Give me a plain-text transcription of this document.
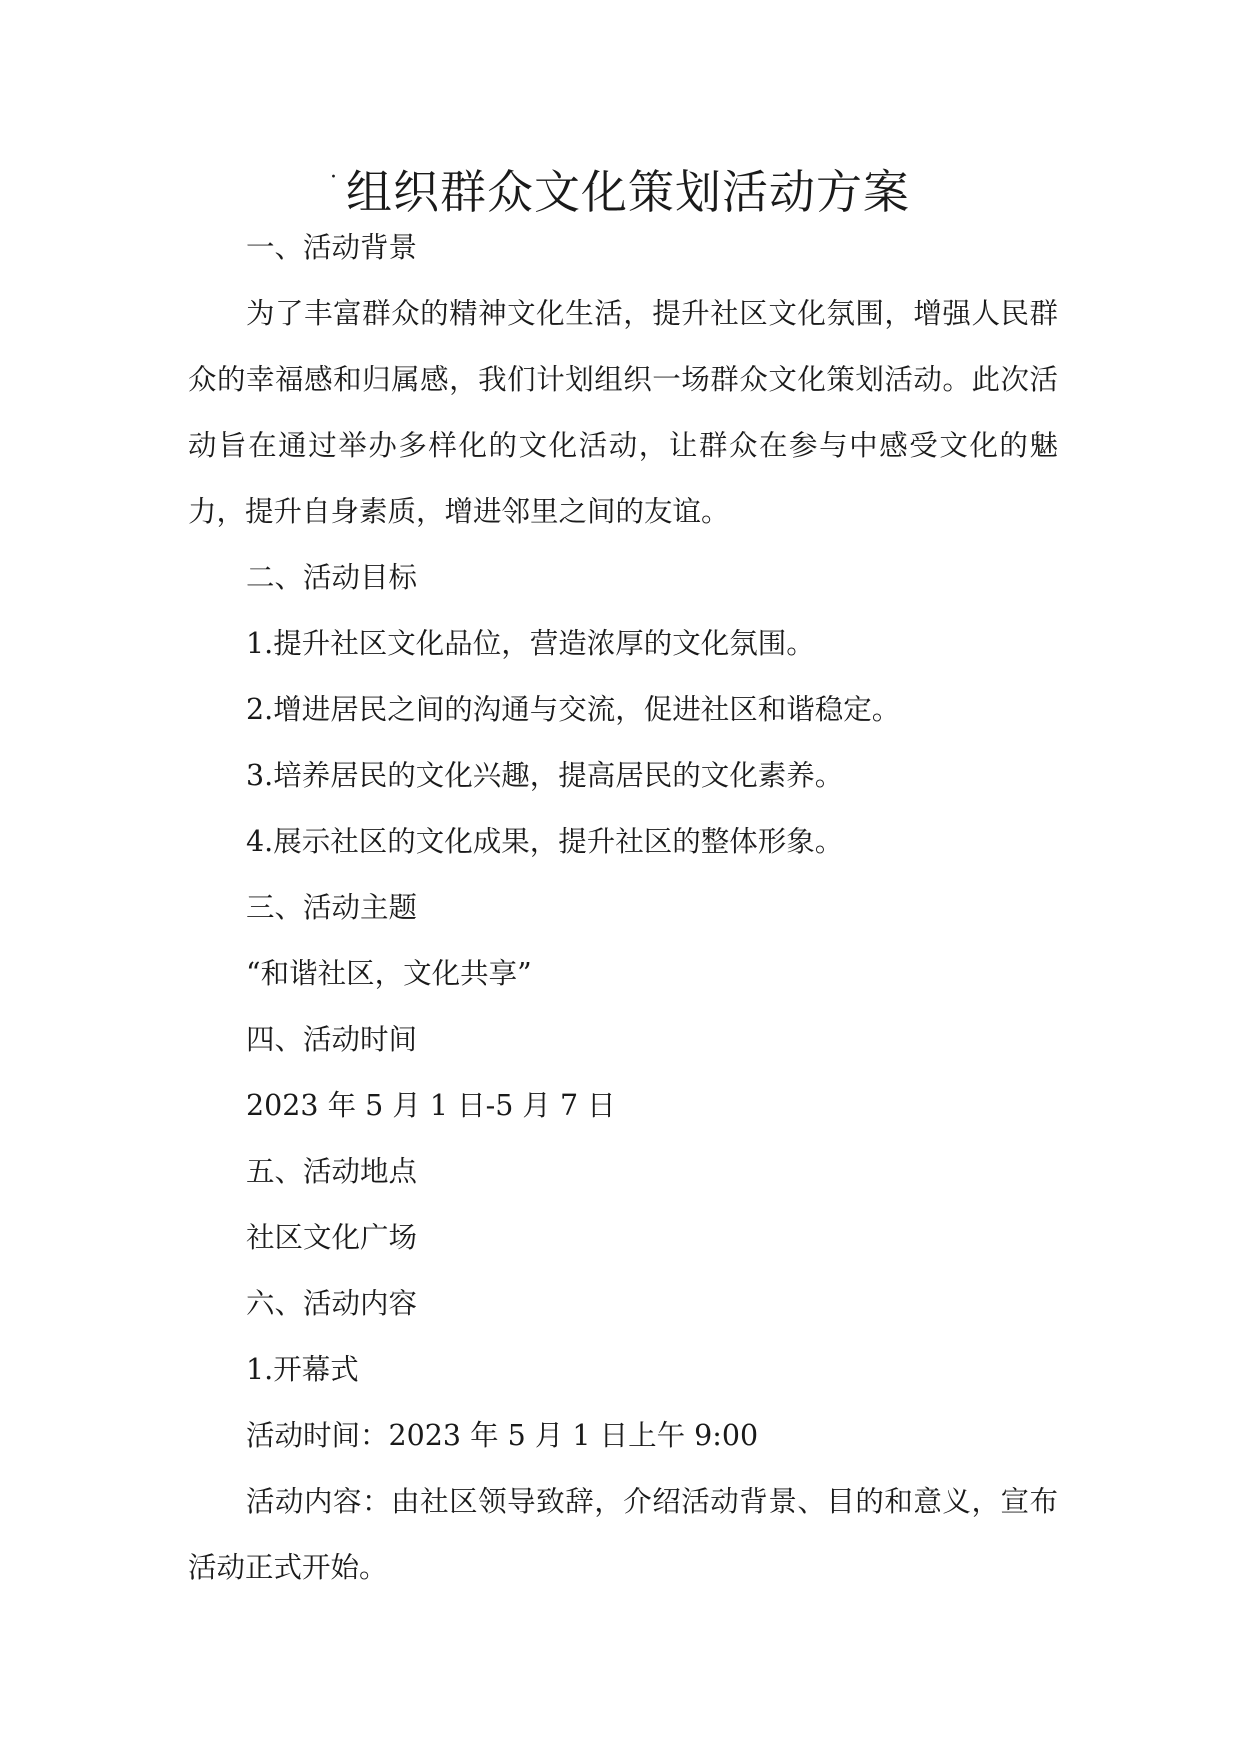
· 组织群众文化策划活动方案

一、活动背景

为了丰富群众的精神文化生活，提升社区文化氛围，增强人民群众的幸福感和归属感，我们计划组织一场群众文化策划活动。此次活动旨在通过举办多样化的文化活动，让群众在参与中感受文化的魅力，提升自身素质，增进邻里之间的友谊。

二、活动目标

1.提升社区文化品位，营造浓厚的文化氛围。

2.增进居民之间的沟通与交流，促进社区和谐稳定。

3.培养居民的文化兴趣，提高居民的文化素养。

4.展示社区的文化成果，提升社区的整体形象。

三、活动主题

“和谐社区，文化共享”

四、活动时间

2023 年 5 月 1 日-5 月 7 日

五、活动地点

社区文化广场

六、活动内容

1.开幕式

活动时间：2023 年 5 月 1 日上午 9:00

活动内容：由社区领导致辞，介绍活动背景、目的和意义，宣布活动正式开始。
